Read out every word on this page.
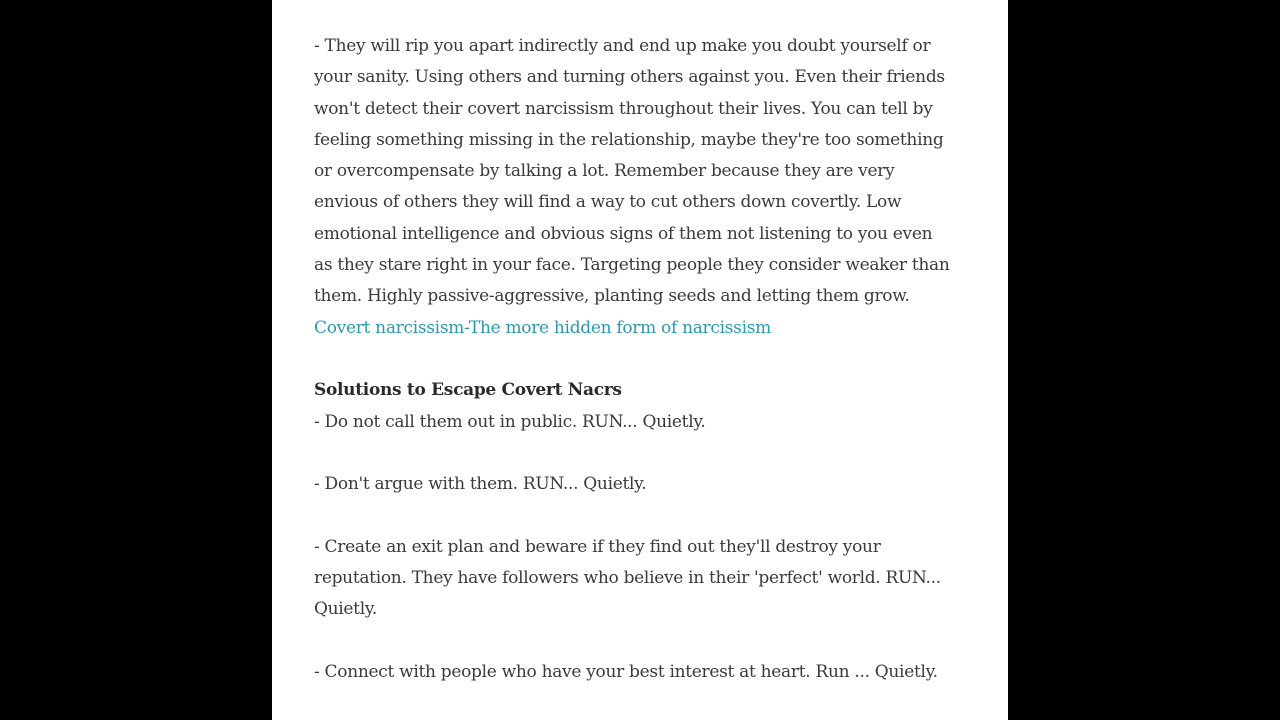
- They will rip you apart indirectly and end up make you doubt yourself or
your sanity. Using others and turning others against you. Even their friends
won't detect their covert narcissism throughout their lives. You can tell by
feeling something missing in the relationship, maybe they're too something
or overcompensate by talking a lot. Remember because they are very
envious of others they will find a way to cut others down covertly. Low
emotional intelligence and obvious signs of them not listening to you even
as they stare right in your face. Targeting people they consider weaker than
them. Highly passive-aggressive, planting seeds and letting them grow.

Covert narcissism-The more hidden form of narcissism

Solutions to Escape Covert Nacrs

- Do not call them out in public. RUN... Quietly.

- Don't argue with them. RUN... Quietly.

- Create an exit plan and beware if they find out they'll destroy your
reputation. They have followers who believe in their 'perfect' world. RUN...
Quietly.

- Connect with people who have your best interest at heart. Run ... Quietly.
